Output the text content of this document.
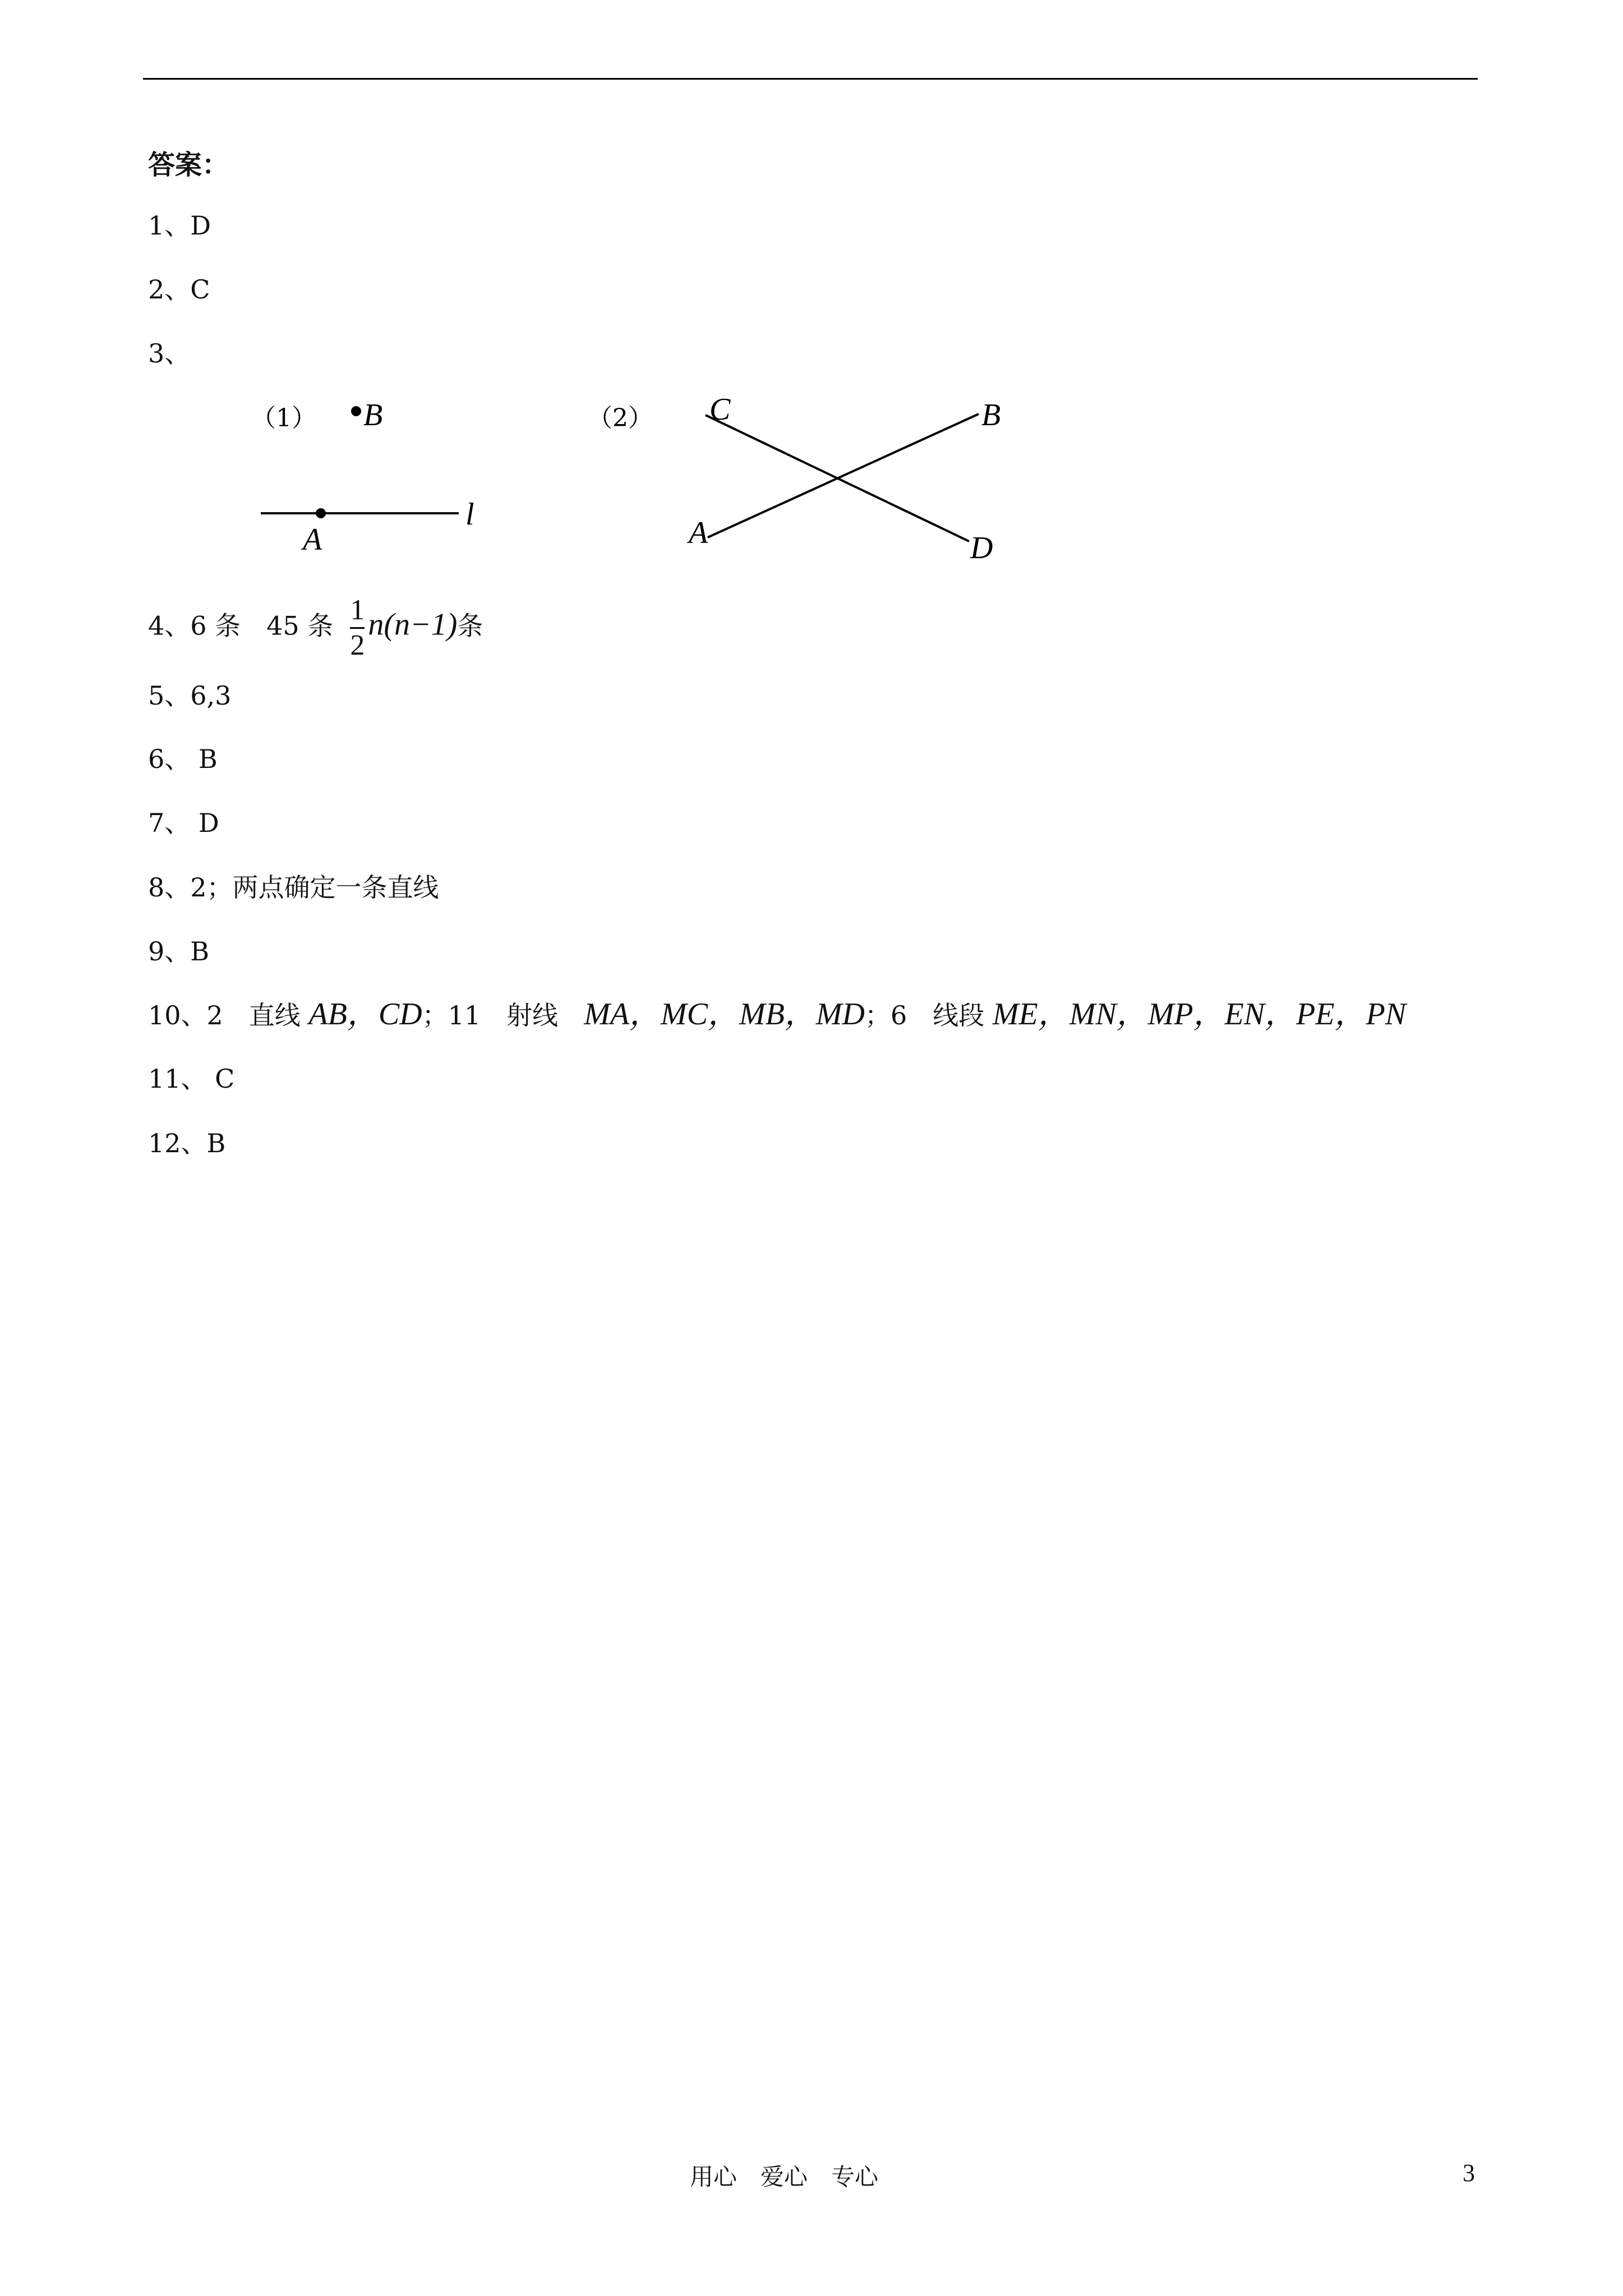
答案：
1、D
2、C
3、
（1） B
A
l
（2） C	B
A	D
4、6 条　45 条 $\frac{1}{2} n(n-1)$条
5、6,3
6、 B
7、 D
8、2；两点确定一条直线
9、B
10、2　直线 AB，CD；11　射线　MA，MC，MB，MD；6　线段 ME，MN，MP，EN，PE，PN
11、 C
12、B
用心　爱心　专心	3
